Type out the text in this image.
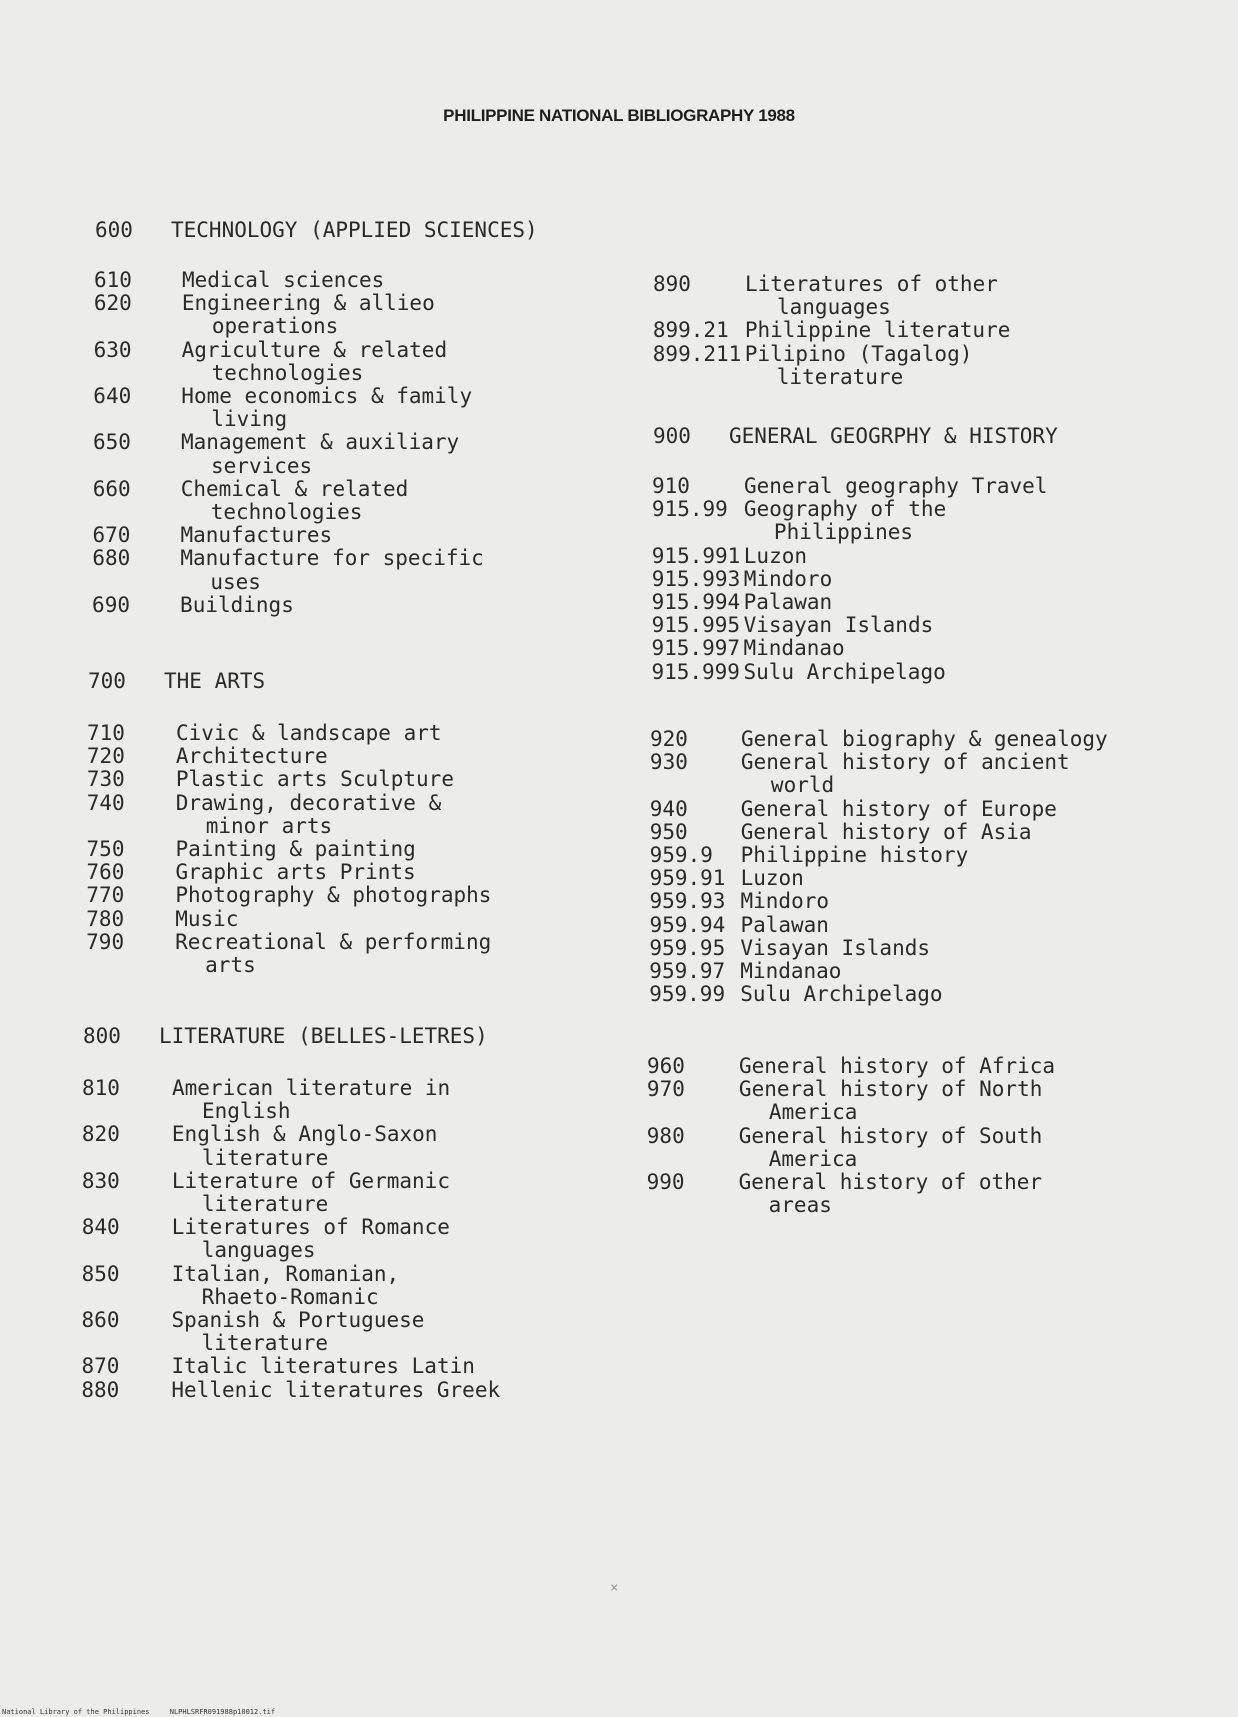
PHILIPPINE NATIONAL BIBLIOGRAPHY 1988
600 TECHNOLOGY (APPLIED SCIENCES)
610 Medical sciences
620 Engineering & allieo
operations
630 Agriculture & related
technologies
640 Home economics & family
living
650 Management & auxiliary
services
660 Chemical & related
technologies
670 Manufactures
680 Manufacture for specific
uses
690 Buildings
700 THE ARTS
710 Civic & landscape art
720 Architecture
730 Plastic arts Sculpture
740 Drawing, decorative &
minor arts
750 Painting & painting
760 Graphic arts Prints
770 Photography & photographs
780 Music
790 Recreational & performing
arts
800 LITERATURE (BELLES-LETRES)
810 American literature in
English
820 English & Anglo-Saxon
literature
830 Literature of Germanic
literature
840 Literatures of Romance
languages
850 Italian, Romanian,
Rhaeto-Romanic
860 Spanish & Portuguese
literature
870 Italic literatures Latin
880 Hellenic literatures Greek
890	Literatures of other
languages
899.21 Philippine literature
899.211 Pilipino (Tagalog)
literature
900 GENERAL GEOGRPHY & HISTORY
910	General geography Travel
915.99 Geography of the
Philippines
915.991 Luzon
915.993 Mindoro
915.994 Palawan
915.995 Visayan Islands
915.997 Mindanao
915.999 Sulu Archipelago
920	General biography & genealogy
930	General history of ancient
world
940	General history of Europe
950	General history of Asia
959.9 Philippine history
959.91 Luzon
959.93 Mindoro
959.94 Palawan
959.95 Visayan Islands
959.97 Mindanao
959.99 Sulu Archipelago
960	General history of Africa
970	General history of North
America
980	General history of South
America
990	General history of other
areas
×
National Library of the Philippines	NLPHLSRFR091988p10012.tif
